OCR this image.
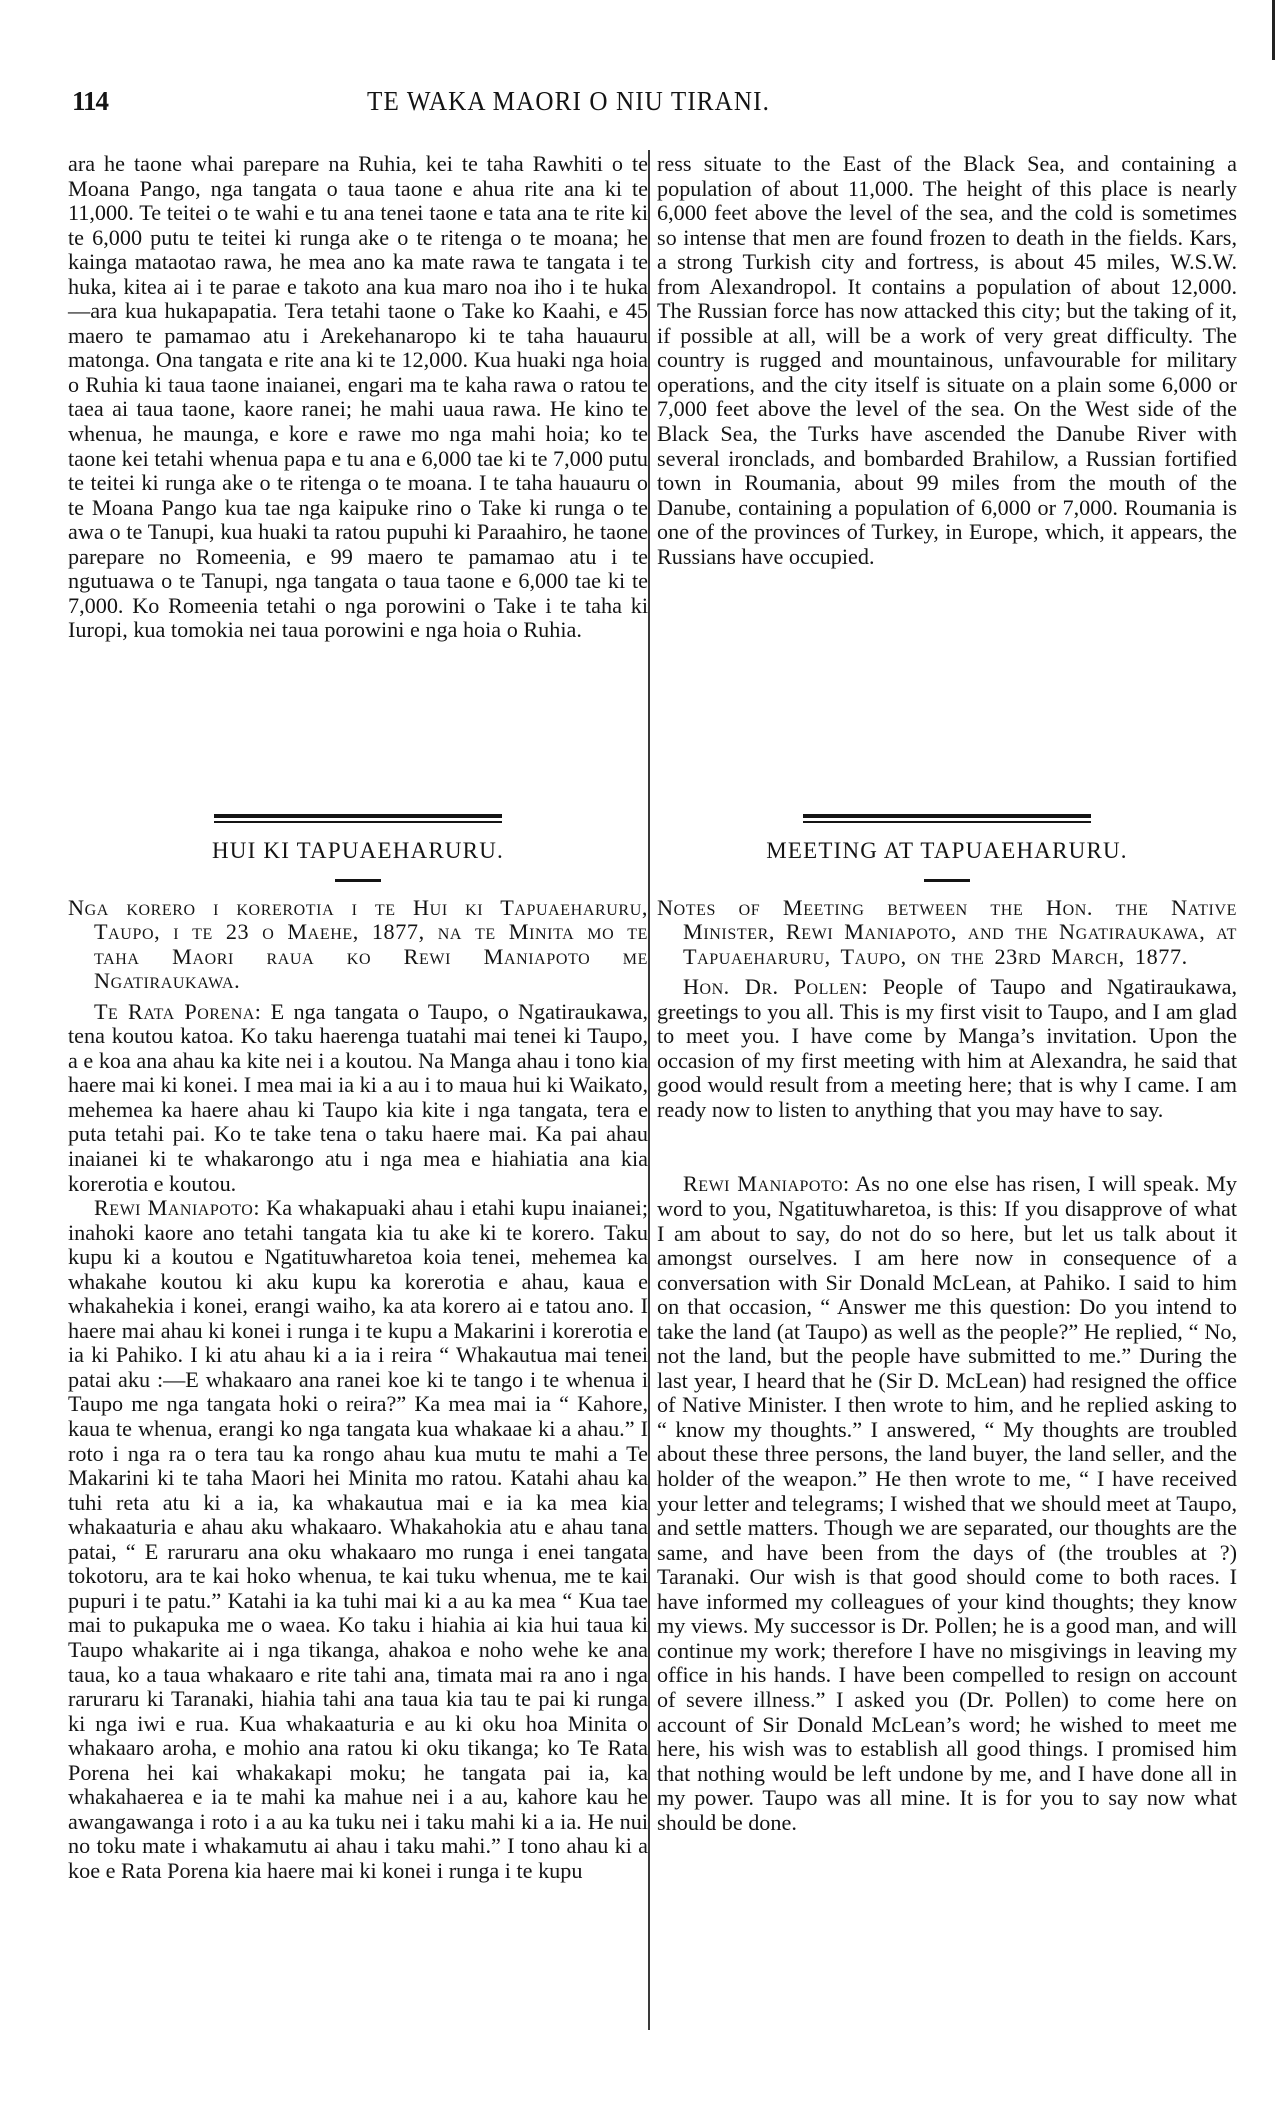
114	TE WAKA MAORI O NIU TIRANI.

ara he taone whai parepare na Ruhia, kei te taha Rawhiti o te Moana Pango, nga tangata o taua taone e ahua rite ana ki te 11,000. Te teitei o te wahi e tu ana tenei taone e tata ana te rite ki te 6,000 putu te teitei ki runga ake o te ritenga o te moana; he kainga mataotao rawa, he mea ano ka mate rawa te tangata i te huka, kitea ai i te parae e takoto ana kua maro noa iho i te huka—ara kua hukapapatia. Tera tetahi taone o Take ko Kaahi, e 45 maero te pamamao atu i Arekehanaropo ki te taha hauauru matonga. Ona tangata e rite ana ki te 12,000. Kua huaki nga hoia o Ruhia ki taua taone inaianei, engari ma te kaha rawa o ratou te taea ai taua taone, kaore ranei; he mahi uaua rawa. He kino te whenua, he maunga, e kore e rawe mo nga mahi hoia; ko te taone kei tetahi whenua papa e tu ana e 6,000 tae ki te 7,000 putu te teitei ki runga ake o te ritenga o te moana. I te taha hauauru o te Moana Pango kua tae nga kaipuke rino o Take ki runga o te awa o te Tanupi, kua huaki ta ratou pupuhi ki Paraahiro, he taone parepare no Romeenia, e 99 maero te pamamao atu i te ngutuawa o te Tanupi, nga tangata o taua taone e 6,000 tae ki te 7,000. Ko Romeenia tetahi o nga porowini o Take i te taha ki Iuropi, kua tomokia nei taua porowini e nga hoia o Ruhia.

HUI KI TAPUAEHARURU.

Nga korero i korerotia i te Hui ki Tapuaeharuru, Taupo, i te 23 o Maehe, 1877, na te Minita mo te taha Maori raua ko Rewi Maniapoto me Ngatiraukawa.

Te Rata Porena: E nga tangata o Taupo, o Ngatiraukawa, tena koutou katoa. Ko taku haerenga tuatahi mai tenei ki Taupo, a e koa ana ahau ka kite nei i a koutou. Na Manga ahau i tono kia haere mai ki konei. I mea mai ia ki a au i to maua hui ki Waikato, mehemea ka haere ahau ki Taupo kia kite i nga tangata, tera e puta tetahi pai. Ko te take tena o taku haere mai. Ka pai ahau inaianei ki te whakarongo atu i nga mea e hiahiatia ana kia korerotia e koutou.

Rewi Maniapoto: Ka whakapuaki ahau i etahi kupu inaianei; inahoki kaore ano tetahi tangata kia tu ake ki te korero. Taku kupu ki a koutou e Ngatituwharetoa koia tenei, mehemea ka whakahe koutou ki aku kupu ka korerotia e ahau, kaua e whakahekia i konei, erangi waiho, ka ata korero ai e tatou ano. I haere mai ahau ki konei i runga i te kupu a Makarini i korerotia e ia ki Pahiko. I ki atu ahau ki a ia i reira “ Whakautua mai tenei patai aku :—E whakaaro ana ranei koe ki te tango i te whenua i Taupo me nga tangata hoki o reira?” Ka mea mai ia “ Kahore, kaua te whenua, erangi ko nga tangata kua whakaae ki a ahau.” I roto i nga ra o tera tau ka rongo ahau kua mutu te mahi a Te Makarini ki te taha Maori hei Minita mo ratou. Katahi ahau ka tuhi reta atu ki a ia, ka whakautua mai e ia ka mea kia whakaaturia e ahau aku whakaaro. Whakahokia atu e ahau tana patai, “ E raruraru ana oku whakaaro mo runga i enei tangata tokotoru, ara te kai hoko whenua, te kai tuku whenua, me te kai pupuri i te patu.” Katahi ia ka tuhi mai ki a au ka mea “ Kua tae mai to pukapuka me o waea. Ko taku i hiahia ai kia hui taua ki Taupo whakarite ai i nga tikanga, ahakoa e noho wehe ke ana taua, ko a taua whakaaro e rite tahi ana, timata mai ra ano i nga raruraru ki Taranaki, hiahia tahi ana taua kia tau te pai ki runga ki nga iwi e rua. Kua whakaaturia e au ki oku hoa Minita o whakaaro aroha, e mohio ana ratou ki oku tikanga; ko Te Rata Porena hei kai whakakapi moku; he tangata pai ia, ka whakahaerea e ia te mahi ka mahue nei i a au, kahore kau he awangawanga i roto i a au ka tuku nei i taku mahi ki a ia. He nui no toku mate i whakamutu ai ahau i taku mahi.” I tono ahau ki a koe e Rata Porena kia haere mai ki konei i runga i te kupu

ress situate to the East of the Black Sea, and containing a population of about 11,000. The height of this place is nearly 6,000 feet above the level of the sea, and the cold is sometimes so intense that men are found frozen to death in the fields. Kars, a strong Turkish city and fortress, is about 45 miles, W.S.W. from Alexandropol. It contains a population of about 12,000. The Russian force has now attacked this city; but the taking of it, if possible at all, will be a work of very great difficulty. The country is rugged and mountainous, unfavourable for military operations, and the city itself is situate on a plain some 6,000 or 7,000 feet above the level of the sea. On the West side of the Black Sea, the Turks have ascended the Danube River with several ironclads, and bombarded Brahilow, a Russian fortified town in Roumania, about 99 miles from the mouth of the Danube, containing a population of 6,000 or 7,000. Roumania is one of the provinces of Turkey, in Europe, which, it appears, the Russians have occupied.

MEETING AT TAPUAEHARURU.

Notes of Meeting between the Hon. the Native Minister, Rewi Maniapoto, and the Ngatiraukawa, at Tapuaeharuru, Taupo, on the 23rd March, 1877.

Hon. Dr. Pollen: People of Taupo and Ngatiraukawa, greetings to you all. This is my first visit to Taupo, and I am glad to meet you. I have come by Manga’s invitation. Upon the occasion of my first meeting with him at Alexandra, he said that good would result from a meeting here; that is why I came. I am ready now to listen to anything that you may have to say.

Rewi Maniapoto: As no one else has risen, I will speak. My word to you, Ngatituwharetoa, is this: If you disapprove of what I am about to say, do not do so here, but let us talk about it amongst ourselves. I am here now in consequence of a conversation with Sir Donald McLean, at Pahiko. I said to him on that occasion, “ Answer me this question: Do you intend to take the land (at Taupo) as well as the people?” He replied, “ No, not the land, but the people have submitted to me.” During the last year, I heard that he (Sir D. McLean) had resigned the office of Native Minister. I then wrote to him, and he replied asking to “ know my thoughts.” I answered, “ My thoughts are troubled about these three persons, the land buyer, the land seller, and the holder of the weapon.” He then wrote to me, “ I have received your letter and telegrams; I wished that we should meet at Taupo, and settle matters. Though we are separated, our thoughts are the same, and have been from the days of (the troubles at ?) Taranaki. Our wish is that good should come to both races. I have informed my colleagues of your kind thoughts; they know my views. My successor is Dr. Pollen; he is a good man, and will continue my work; therefore I have no misgivings in leaving my office in his hands. I have been compelled to resign on account of severe illness.” I asked you (Dr. Pollen) to come here on account of Sir Donald McLean’s word; he wished to meet me here, his wish was to establish all good things. I promised him that nothing would be left undone by me, and I have done all in my power. Taupo was all mine. It is for you to say now what should be done.
